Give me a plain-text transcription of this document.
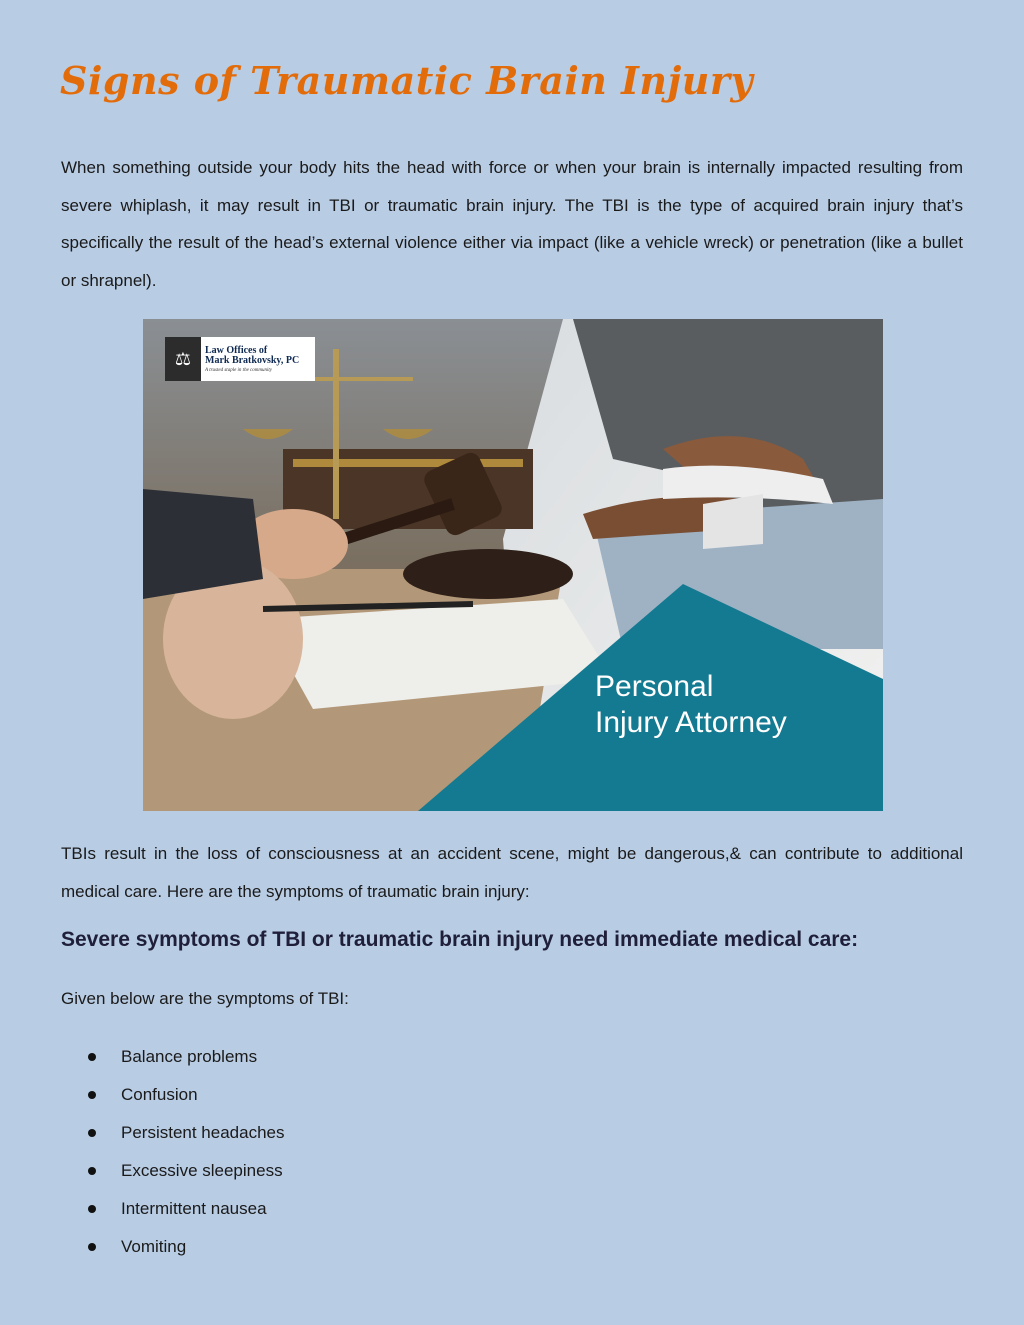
Signs of Traumatic Brain Injury

When something outside your body hits the head with force or when your brain is internally impacted resulting from severe whiplash, it may result in TBI or traumatic brain injury. The TBI is the type of acquired brain injury that’s specifically the result of the head’s external violence either via impact (like a vehicle wreck) or penetration (like a bullet or shrapnel).

⚖	Law Offices of
Mark Bratkovsky, PC
A trusted staple in the community
Personal
Injury Attorney

TBIs result in the loss of consciousness at an accident scene, might be dangerous,& can contribute to additional medical care. Here are the symptoms of traumatic brain injury:

Severe symptoms of TBI or traumatic brain injury need immediate medical care:

Given below are the symptoms of TBI:

Balance problems
Confusion
Persistent headaches
Excessive sleepiness
Intermittent nausea
Vomiting
